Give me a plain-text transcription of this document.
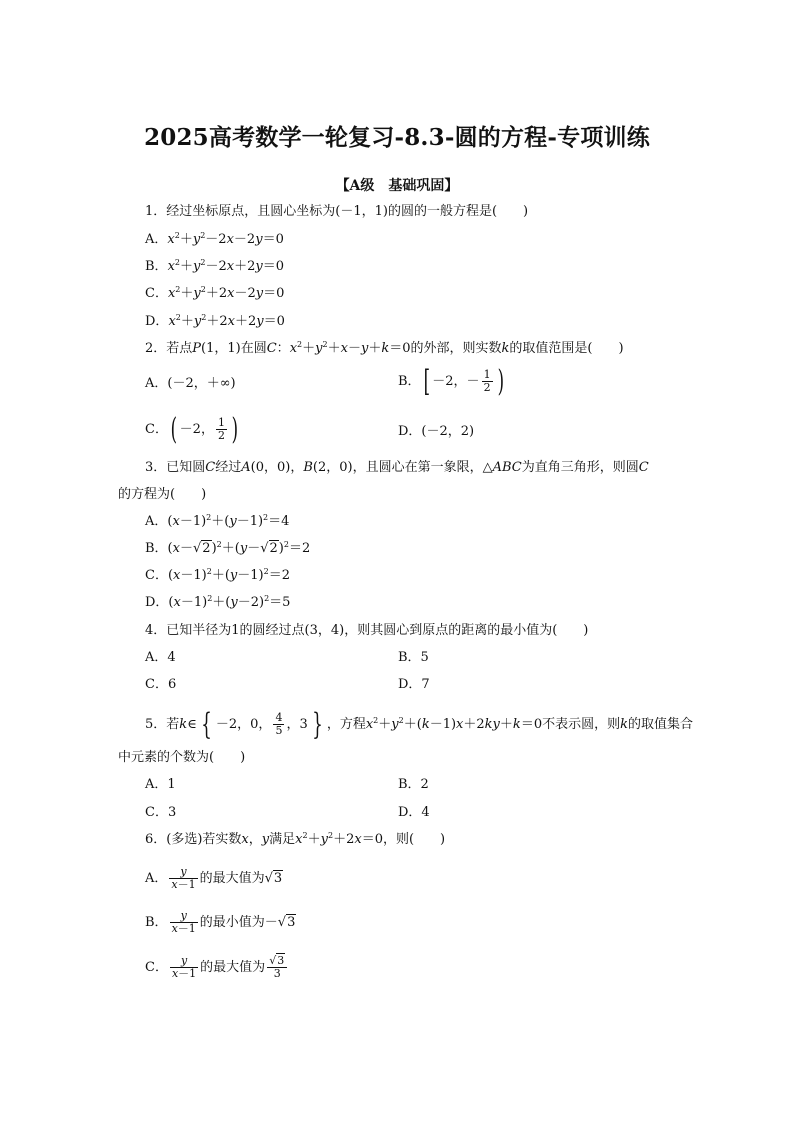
2025高考数学一轮复习-8.3-圆的方程-专项训练
【A级　基础巩固】
1．经过坐标原点，且圆心坐标为(－1，1)的圆的一般方程是(　　)
A．$x^2+y^2-2x-2y=0$
B．$x^2+y^2-2x+2y=0$
C．$x^2+y^2+2x-2y=0$
D．$x^2+y^2+2x+2y=0$
2．若点P(1，1)在圆C：$x^2+y^2+x-y+k=0$的外部，则实数k的取值范围是(　　)
A．(－2，＋∞)	B．[ －2，－ $\frac{1}{2}$ )
C．( －2， $\frac{1}{2}$ )	D．(－2，2)
3．已知圆C经过A(0，0)，B(2，0)，且圆心在第一象限，△ABC为直角三角形，则圆C
的方程为(　　)
A．$(x-1)^2+(y-1)^2=4$
B．$(x-√2)^2+(y-√2)^2=2$
C．$(x-1)^2+(y-1)^2=2$
D．$(x-1)^2+(y-2)^2=5$
4．已知半径为1的圆经过点(3，4)，则其圆心到原点的距离的最小值为(　　)
A．4	B．5
C．6	D．7
5．若k∈ { －2，0， $\frac{4}{5}$ ，3 } ，方程$x^2+y^2+(k-1)x+2ky+k=0$不表示圆，则k的取值集合
中元素的个数为(　　)
A．1	B．2
C．3	D．4
6．(多选)若实数x，y满足$x^2+y^2+2x=0$，则(　　)
A． $\frac{y}{x-1}$ 的最大值为√3
B． $\frac{y}{x-1}$ 的最小值为－√3
C． $\frac{y}{x-1}$ 的最大值为 $\frac{√3}{3}$
